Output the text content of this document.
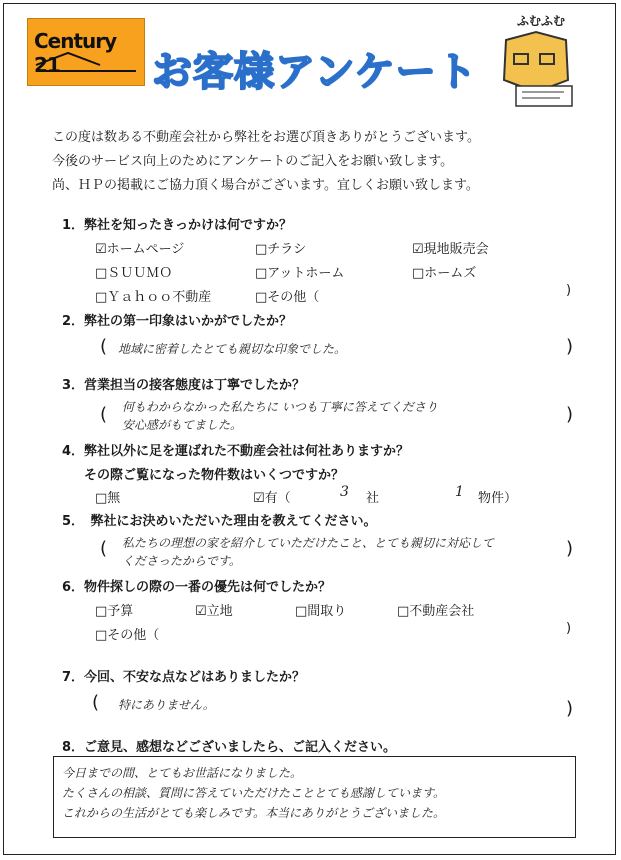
Century 21	お客様アンケート
ふむふむ
この度は数ある不動産会社から弊社をお選び頂きありがとうございます。
今後のサービス向上のためにアンケートのご記入をお願い致します。
尚、ＨＰの掲載にご協力頂く場合がございます。宜しくお願い致します。
1．弊社を知ったきっかけは何ですか？
☑ホームページ	□チラシ	☑現地販売会
□ＳＵＵＭＯ	□アットホーム	□ホームズ
□Ｙａｈｏｏ不動産	□その他（	)
2．弊社の第一印象はいかがでしたか？
( 地域に密着したとても親切な印象でした。	)
3．営業担当の接客態度は丁寧でしたか？
( 何もわからなかった私たちに いつも丁寧に答えてくださり
安心感がもてました。	)
4．弊社以外に足を運ばれた不動産会社は何社ありますか？
その際ご覧になった物件数はいくつですか？
□無	☑有（	3 社	1 物件）
5．　弊社にお決めいただいた理由を教えてください。
( 私たちの理想の家を紹介していただけたこと、とても親切に対応して
くださったからです。
)
6．物件探しの際の一番の優先は何でしたか？
□予算	☑立地	□間取り	□不動産会社
□その他（	)
7．今回、不安な点などはありましたか？
( 特にありません。	)
8．ご意見、感想などございましたら、ご記入ください。
今日までの間、とてもお世話になりました。
たくさんの相談、質問に答えていただけたこととても感謝しています。
これからの生活がとても楽しみです。本当にありがとうございました。
